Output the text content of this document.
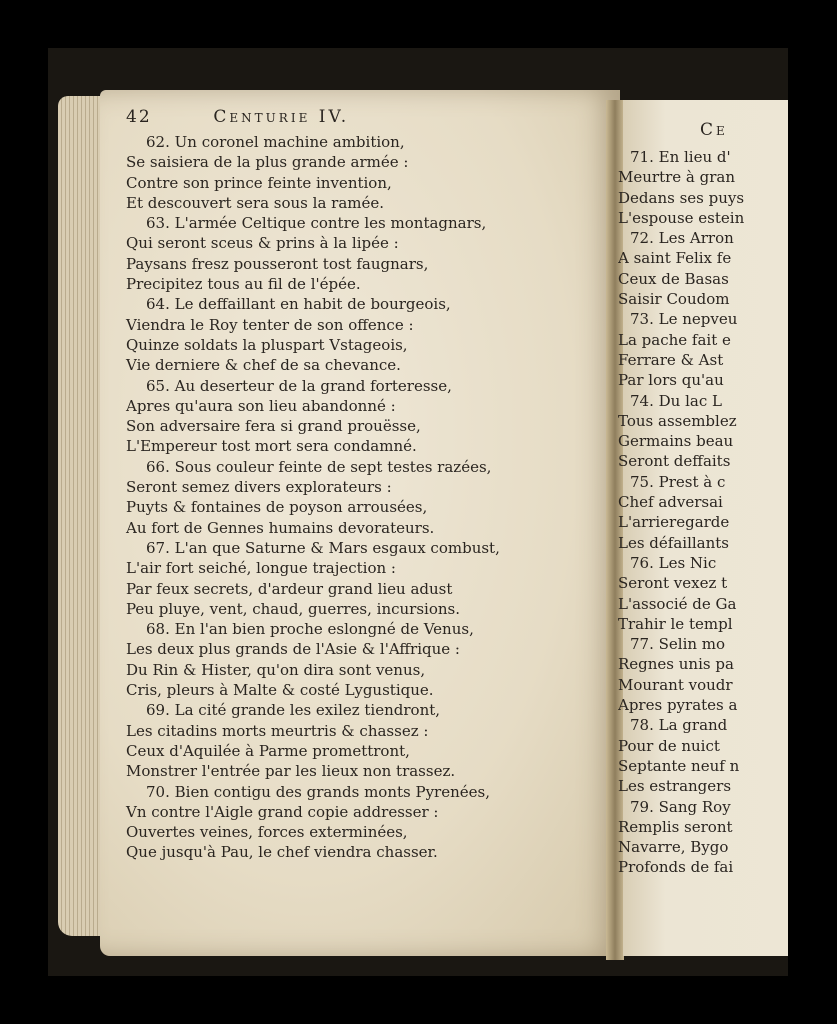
42	Centurie IV.
62. Un coronel machine ambition,
Se saisiera de la plus grande armée :
Contre son prince feinte invention,
Et descouvert sera sous la ramée.
63. L'armée Celtique contre les montagnars,
Qui seront sceus & prins à la lipée :
Paysans fresz pousseront tost faugnars,
Precipitez tous au fil de l'épée.
64. Le deffaillant en habit de bourgeois,
Viendra le Roy tenter de son offence :
Quinze soldats la pluspart Vstageois,
Vie derniere & chef de sa chevance.
65. Au deserteur de la grand forteresse,
Apres qu'aura son lieu abandonné :
Son adversaire fera si grand prouësse,
L'Empereur tost mort sera condamné.
66. Sous couleur feinte de sept testes razées,
Seront semez divers explorateurs :
Puyts & fontaines de poyson arrousées,
Au fort de Gennes humains devorateurs.
67. L'an que Saturne & Mars esgaux combust,
L'air fort seiché, longue trajection :
Par feux secrets, d'ardeur grand lieu adust
Peu pluye, vent, chaud, guerres, incursions.
68. En l'an bien proche eslongné de Venus,
Les deux plus grands de l'Asie & l'Affrique :
Du Rin & Hister, qu'on dira sont venus,
Cris, pleurs à Malte & costé Lygustique.
69. La cité grande les exilez tiendront,
Les citadins morts meurtris & chassez :
Ceux d'Aquilée à Parme promettront,
Monstrer l'entrée par les lieux non trassez.
70. Bien contigu des grands monts Pyrenées,
Vn contre l'Aigle grand copie addresser :
Ouvertes veines, forces exterminées,
Que jusqu'à Pau, le chef viendra chasser.
Ce
71. En lieu d'
Meurtre à gran
Dedans ses puys
L'espouse estein
72. Les Arron
A saint Felix fe
Ceux de Basas
Saisir Coudom
73. Le nepveu
La pache fait e
Ferrare & Ast
Par lors qu'au
74. Du lac L
Tous assemblez
Germains beau
Seront deffaits
75. Prest à c
Chef adversai
L'arrieregarde
Les défaillants
76. Les Nic
Seront vexez t
L'associé de Ga
Trahir le templ
77. Selin mo
Regnes unis pa
Mourant voudr
Apres pyrates a
78. La grand
Pour de nuict
Septante neuf n
Les estrangers
79. Sang Roy
Remplis seront
Navarre, Bygo
Profonds de fai
